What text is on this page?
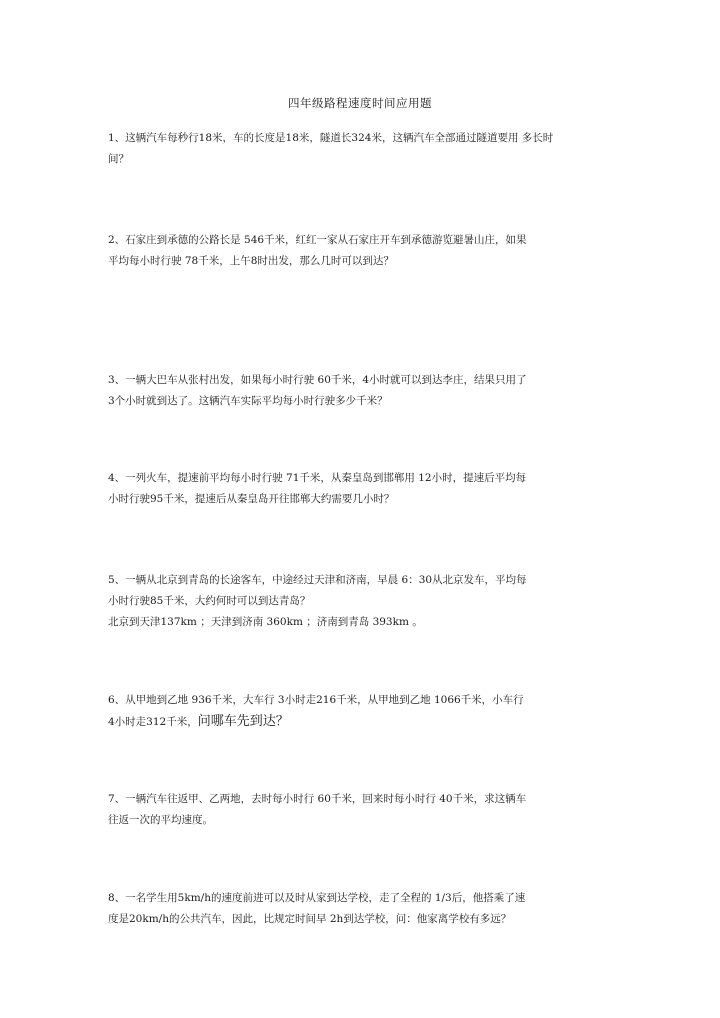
四年级路程速度时间应用题
1、这辆汽车每秒行18米，车的长度是18米，隧道长324米，这辆汽车全部通过隧道要用 多长时
间？
2、石家庄到承德的公路长是 546千米，红红一家从石家庄开车到承德游览避暑山庄，如果
平均每小时行驶 78千米，上午8时出发，那么几时可以到达？
3、一辆大巴车从张村出发，如果每小时行驶 60千米，4小时就可以到达李庄，结果只用了
3个小时就到达了。这辆汽车实际平均每小时行驶多少千米？
4、一列火车，提速前平均每小时行驶 71千米，从秦皇岛到邯郸用 12小时，提速后平均每
小时行驶95千米，提速后从秦皇岛开往邯郸大约需要几小时？
5、一辆从北京到青岛的长途客车，中途经过天津和济南，早晨 6：30从北京发车，平均每
小时行驶85千米，大约何时可以到达青岛？
北京到天津137km ；天津到济南 360km ；济南到青岛 393km 。
6、从甲地到乙地 936千米，大车行 3小时走216千米，从甲地到乙地 1066千米，小车行
4小时走312千米，问哪车先到达？
7、一辆汽车往返甲、乙两地，去时每小时行 60千米，回来时每小时行 40千米，求这辆车
往返一次的平均速度。
8、一名学生用5km/h的速度前进可以及时从家到达学校，走了全程的 1/3后，他搭乘了速
度是20km/h的公共汽车，因此，比规定时间早 2h到达学校，问：他家离学校有多远？
